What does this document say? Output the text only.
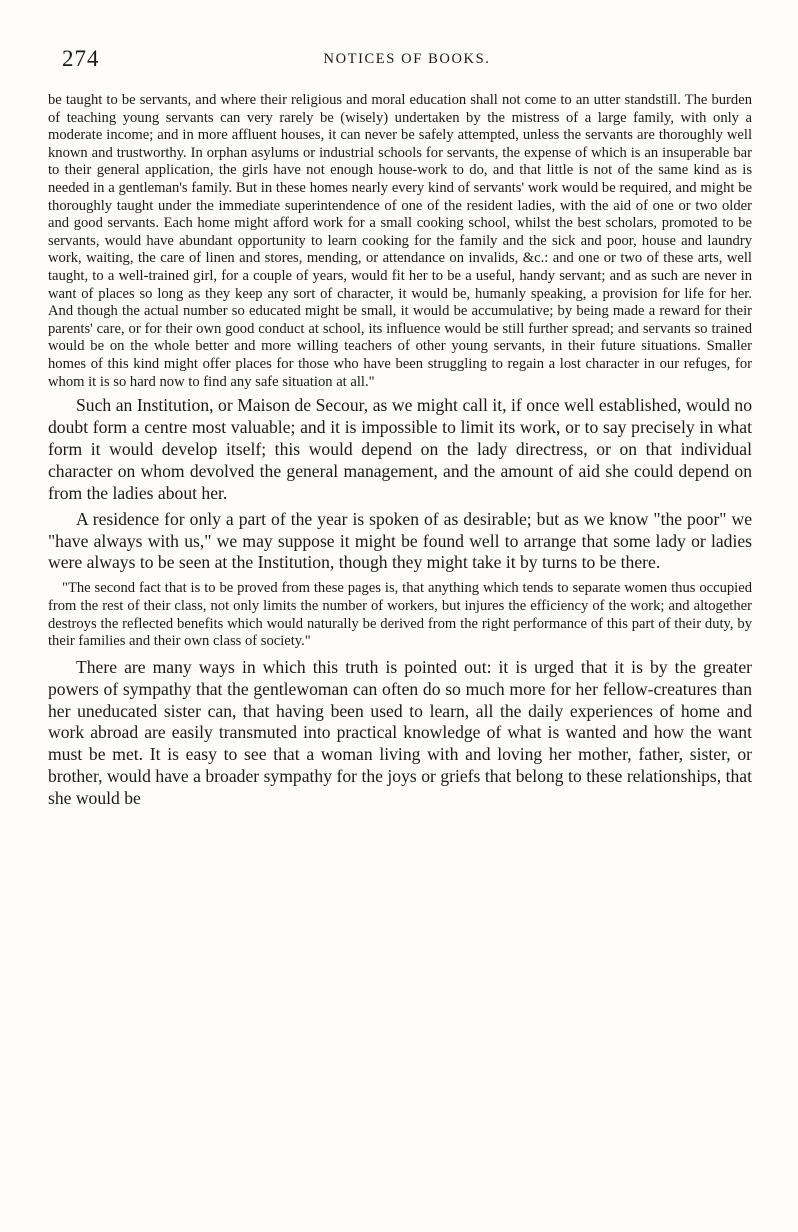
274	NOTICES OF BOOKS.

be taught to be servants, and where their religious and moral education shall not come to an utter standstill. The burden of teaching young servants can very rarely be (wisely) undertaken by the mistress of a large family, with only a moderate income; and in more affluent houses, it can never be safely attempted, unless the servants are thoroughly well known and trustworthy. In orphan asylums or industrial schools for servants, the expense of which is an insuperable bar to their general application, the girls have not enough house-work to do, and that little is not of the same kind as is needed in a gentleman's family. But in these homes nearly every kind of servants' work would be required, and might be thoroughly taught under the immediate superintendence of one of the resident ladies, with the aid of one or two older and good servants. Each home might afford work for a small cooking school, whilst the best scholars, promoted to be servants, would have abundant opportunity to learn cooking for the family and the sick and poor, house and laundry work, waiting, the care of linen and stores, mending, or attendance on invalids, &c.: and one or two of these arts, well taught, to a well-trained girl, for a couple of years, would fit her to be a useful, handy servant; and as such are never in want of places so long as they keep any sort of character, it would be, humanly speaking, a provision for life for her. And though the actual number so educated might be small, it would be accumulative; by being made a reward for their parents' care, or for their own good conduct at school, its influence would be still further spread; and servants so trained would be on the whole better and more willing teachers of other young servants, in their future situations. Smaller homes of this kind might offer places for those who have been struggling to regain a lost character in our refuges, for whom it is so hard now to find any safe situation at all."

Such an Institution, or Maison de Secour, as we might call it, if once well established, would no doubt form a centre most valuable; and it is impossible to limit its work, or to say precisely in what form it would develop itself; this would depend on the lady directress, or on that individual character on whom devolved the general management, and the amount of aid she could depend on from the ladies about her.

A residence for only a part of the year is spoken of as desirable; but as we know "the poor" we "have always with us," we may suppose it might be found well to arrange that some lady or ladies were always to be seen at the Institution, though they might take it by turns to be there.

"The second fact that is to be proved from these pages is, that anything which tends to separate women thus occupied from the rest of their class, not only limits the number of workers, but injures the efficiency of the work; and altogether destroys the reflected benefits which would naturally be derived from the right performance of this part of their duty, by their families and their own class of society."

There are many ways in which this truth is pointed out: it is urged that it is by the greater powers of sympathy that the gentlewoman can often do so much more for her fellow-creatures than her uneducated sister can, that having been used to learn, all the daily experiences of home and work abroad are easily transmuted into practical knowledge of what is wanted and how the want must be met. It is easy to see that a woman living with and loving her mother, father, sister, or brother, would have a broader sympathy for the joys or griefs that belong to these relationships, that she would be
